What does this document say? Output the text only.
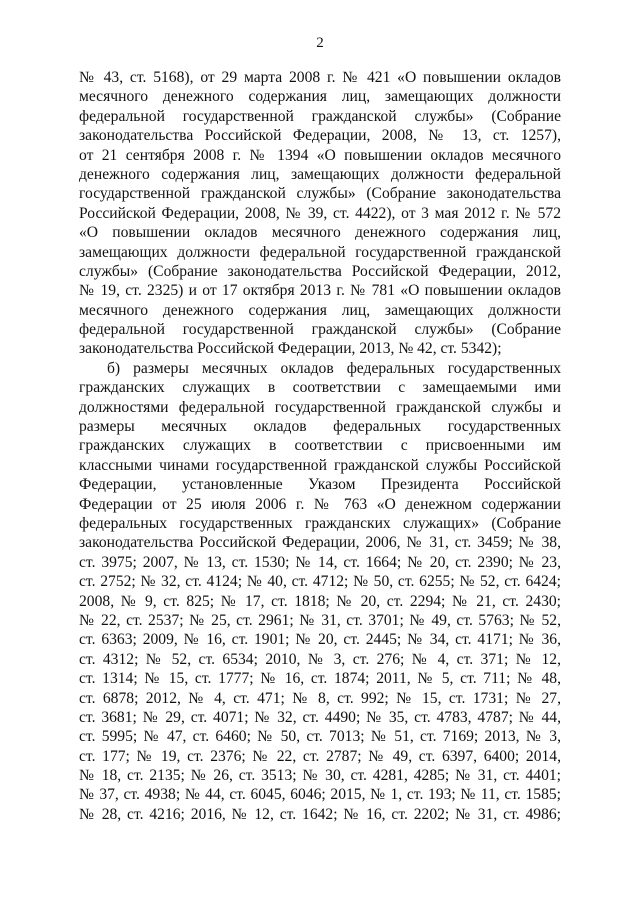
2
№ 43, ст. 5168), от 29 марта 2008 г. № 421 «О повышении окладов
месячного денежного содержания лиц, замещающих должности
федеральной государственной гражданской службы» (Собрание
законодательства Российской Федерации, 2008, № 13, ст. 1257),
от 21 сентября 2008 г. № 1394 «О повышении окладов месячного
денежного содержания лиц, замещающих должности федеральной
государственной гражданской службы» (Собрание законодательства
Российской Федерации, 2008, № 39, ст. 4422), от 3 мая 2012 г. № 572
«О повышении окладов месячного денежного содержания лиц,
замещающих должности федеральной государственной гражданской
службы» (Собрание законодательства Российской Федерации, 2012,
№ 19, ст. 2325) и от 17 октября 2013 г. № 781 «О повышении окладов
месячного денежного содержания лиц, замещающих должности
федеральной государственной гражданской службы» (Собрание
законодательства Российской Федерации, 2013, № 42, ст. 5342);
б) размеры месячных окладов федеральных государственных
гражданских служащих в соответствии с замещаемыми ими
должностями федеральной государственной гражданской службы и
размеры месячных окладов федеральных государственных
гражданских служащих в соответствии с присвоенными им
классными чинами государственной гражданской службы Российской
Федерации, установленные Указом Президента Российской
Федерации от 25 июля 2006 г. № 763 «О денежном содержании
федеральных государственных гражданских служащих» (Собрание
законодательства Российской Федерации, 2006, № 31, ст. 3459; № 38,
ст. 3975; 2007, № 13, ст. 1530; № 14, ст. 1664; № 20, ст. 2390; № 23,
ст. 2752; № 32, ст. 4124; № 40, ст. 4712; № 50, ст. 6255; № 52, ст. 6424;
2008, № 9, ст. 825; № 17, ст. 1818; № 20, ст. 2294; № 21, ст. 2430;
№ 22, ст. 2537; № 25, ст. 2961; № 31, ст. 3701; № 49, ст. 5763; № 52,
ст. 6363; 2009, № 16, ст. 1901; № 20, ст. 2445; № 34, ст. 4171; № 36,
ст. 4312; № 52, ст. 6534; 2010, № 3, ст. 276; № 4, ст. 371; № 12,
ст. 1314; № 15, ст. 1777; № 16, ст. 1874; 2011, № 5, ст. 711; № 48,
ст. 6878; 2012, № 4, ст. 471; № 8, ст. 992; № 15, ст. 1731; № 27,
ст. 3681; № 29, ст. 4071; № 32, ст. 4490; № 35, ст. 4783, 4787; № 44,
ст. 5995; № 47, ст. 6460; № 50, ст. 7013; № 51, ст. 7169; 2013, № 3,
ст. 177; № 19, ст. 2376; № 22, ст. 2787; № 49, ст. 6397, 6400; 2014,
№ 18, ст. 2135; № 26, ст. 3513; № 30, ст. 4281, 4285; № 31, ст. 4401;
№ 37, ст. 4938; № 44, ст. 6045, 6046; 2015, № 1, ст. 193; № 11, ст. 1585;
№ 28, ст. 4216; 2016, № 12, ст. 1642; № 16, ст. 2202; № 31, ст. 4986;
